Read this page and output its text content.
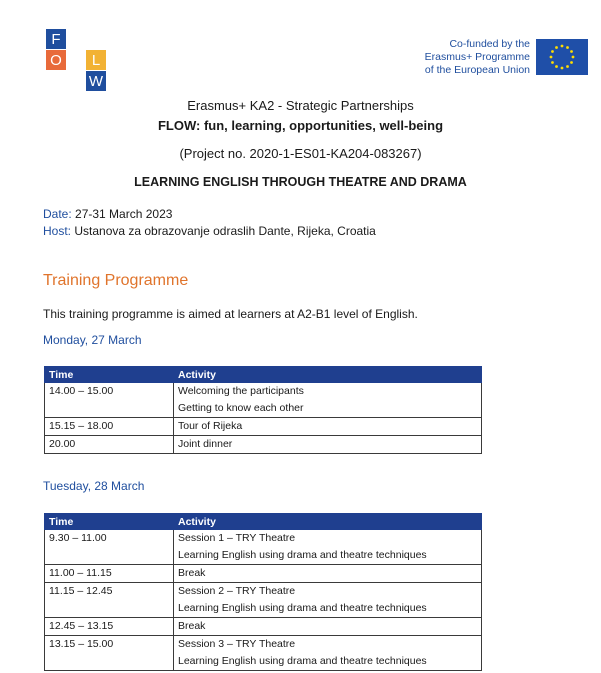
F
L
O
W
Co-funded by the
Erasmus+ Programme
of the European Union
Erasmus+ KA2 - Strategic Partnerships
FLOW: fun, learning, opportunities, well-being
(Project no. 2020-1-ES01-KA204-083267)
LEARNING ENGLISH THROUGH THEATRE AND DRAMA
Date: 27-31 March 2023
Host: Ustanova za obrazovanje odraslih Dante, Rijeka, Croatia
Training Programme
This training programme is aimed at learners at A2-B1 level of English.
Monday, 27 March
Time	Activity
14.00 – 15.00	Welcoming the participants
Getting to know each other

15.15 – 18.00	Tour of Rijeka

20.00	Joint dinner
Tuesday, 28 March
Time	Activity
9.30 – 11.00	Session 1 – TRY Theatre
Learning English using drama and theatre techniques

11.00 – 11.15	Break

11.15 – 12.45	Session 2 – TRY Theatre
Learning English using drama and theatre techniques

12.45 – 13.15	Break

13.15 – 15.00	Session 3 – TRY Theatre
Learning English using drama and theatre techniques
